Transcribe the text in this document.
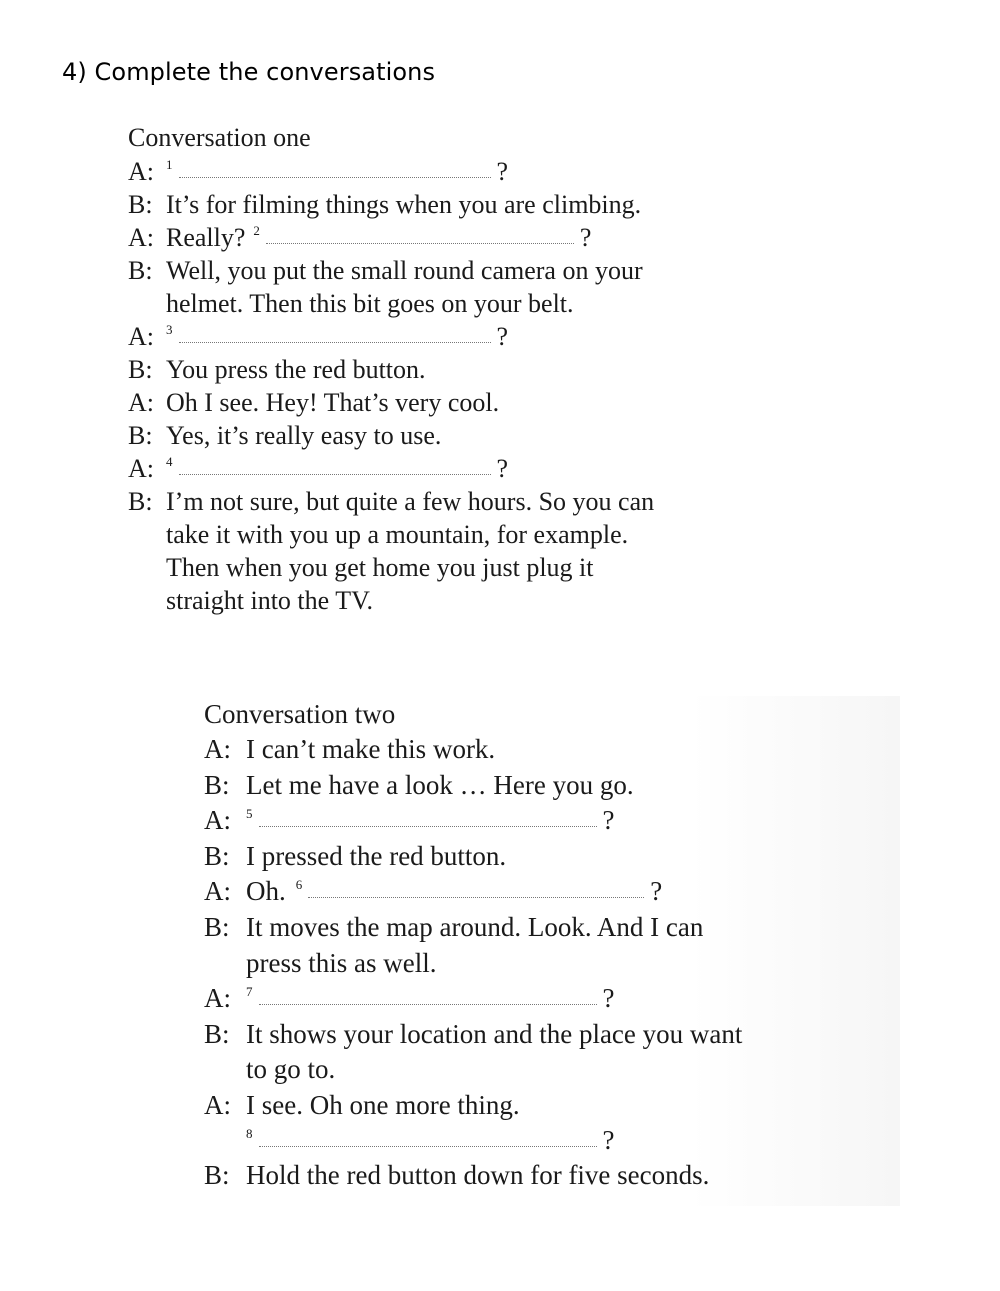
4) Complete the conversations
Conversation one
A: 1	?
B: It’s for filming things when you are climbing.
A: Really? 2	?
B: Well, you put the small round camera on your
helmet. Then this bit goes on your belt.
A: 3	?
B: You press the red button.
A: Oh I see. Hey! That’s very cool.
B: Yes, it’s really easy to use.
A: 4	?
B: I’m not sure, but quite a few hours. So you can
take it with you up a mountain, for example.
Then when you get home you just plug it
straight into the TV.
Conversation two
A: I can’t make this work.
B: Let me have a look … Here you go.
A:	5	?
B: I pressed the red button.
A: Oh. 6	?
B: It moves the map around. Look. And I can
press this as well.
A:	7	?
B: It shows your location and the place you want
to go to.
A: I see. Oh one more thing.
8	?
B: Hold the red button down for five seconds.
